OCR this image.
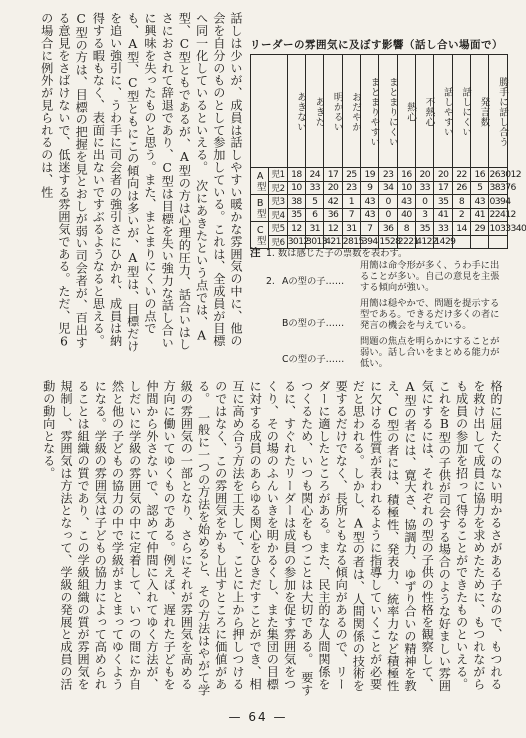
話しは少いが、成員は話しやすい暖かな雰囲気の中に、他の会を自分のものとして参加している。これは、全成員が目標へ同一化しているといえる。　次にあきたという点では、A型、C型ともであるが、A型の方は心理的圧力、話合いはしさにおされて辞退であり、C型は目標を失い強力な話し合いに興味を失ったものと思う。また、まとまりにくいの点でも、A型、C型ともにこの傾向は多いが、A型は、目標だけを追い強引に、うわ手に司会者の強引さにひかれ、成員は納得する暇もなく、表面に出ないですぶるようなると思える。C型の方は、目標の把握を見とおしが弱い司会者が、百出する意見をさばけないで、低迷する雰囲気である。ただ、児6の場合に例外が見られるのは、性	リーダーの雰囲気に及ぼす影響（話し合い場面で）
		あきない	あきた	明かるい	おだやか	まとまりやすい	まとまりにくい	熱心	不熱心	話しやすい	話しにくい	発言数	勝手に話し合う
A型	児1	18	24	17	25	19	23	16	20	20	22	16	263012
	児2	10	33	20	23	9	34	10	33	17	26	5	38376
B型	児3	38	5	42	1	43	0	43	0	35	8	43	0394
	児4	35	6	36	7	43	0	40	3	41	2	41	22412
C型	児5	12	31	12	31	7	36	8	35	33	14	29	1033340
	児6	3012	3013	421	2815	394	1528	2221	4122	1429			
注 1. 数は感じた子の票数を表わす。
2. Aの型の子……
用簡は命令形が多く、うわ手に出ることが多い。自己の意見を主張する傾向が強い。
Bの型の子……
用簡は穏やかで、問題を提示する型である。できるだけ多くの者に発言の機会を与えている。
Cの型の子……
問題の焦点を明らかにすることが弱い。話し合いをまとめる能力が低い。
格的に屈たくのない明かるさがある子なので、もつれるを救け出して成員に協力を求めたために、もつれながらも成員の参加を招って得ることができたものといえる。　これをB型の子供が司会する場合のような好ましい雰囲気にするには、それぞれの型の子供の性格を観察して、A型の者には、寛大さ、協調力、ゆずり合いの精神を教え、C型の者には、積極性、発表力、統率力など積極性に欠ける性質が表われるように指導していくことが必要だと思われる。しかし、A型の者は、人間関係の技術を要するだけでなく、長所ともなる傾向があるので、リーダーに適したところがある。また、民主的な人間関係をつくるため、いつも関心をもつことは大切である。　要するに、すぐれたリーダーは成員の参加を促す雰囲気をつくり、その場のふんいきを明かるくし、また集団の目標に対する成員のあらゆる関心をひきだすことができ、相互に高め合う方法を工夫して、ことに上から押しつけるのではなく、この雰囲気をかもし出すところに価値がある。　一般に一つの方法を始めると、その方法はやがて学級の雰囲気の一部となり、さらにそれが雰囲気を高める方向に働いてゆくものである。例えば、遅れた子どもを仲間から外さないで、認めて仲間に入れてゆく方法が、しだいに学級の雰囲気の中に定着して、いつの間にか自然と他の子どもの協力の中で学級がまとまってゆくようになる。学級の雰囲気は子どもの協力によって高められることは組織の質であり、この学級組織の質が雰囲気を規制し、雰囲気は方法となって、学級の発展と成員の活動の動向となる。
— 64 —
